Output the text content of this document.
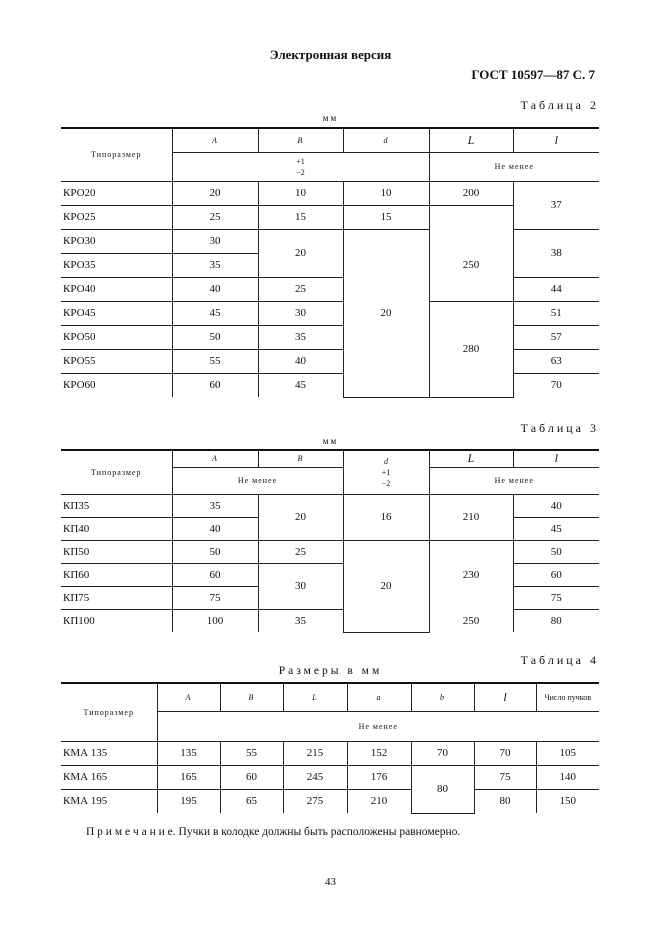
Электронная версия
ГОСТ 10597—87 С. 7
Таблица 2
мм
Типоразмер	A	B	d	L	l

	+1
−2			Не менее	
КРО20	20	10	10	200	37
КРО25	25	15	15		
КРО30	30	20	20	250	38
КРО35	35				
КРО40	40	25			44
КРО45	45	30		280	51
КРО50	50	35			57
КРО55	55	40			63
КРО60	60	45			70
Таблица 3
мм
Типоразмер	A	B	d
+1
−2	L	l
	Не менее			Не менее	
КП35	35	20	16	210	40
КП40	40				45
КП50	50	25	20	230	50
КП60	60	30			60
КП75	75				75
КП100	100	35		250	80
Таблица 4
Размеры в мм
Типоразмер	A	B	L	a	b	l	Число пучков
	Не менее						
КМА 135	135	55	215	152	70	70	105
КМА 165	165	60	245	176	80	75	140
КМА 195	195	65	275	210		80	150
П р и м е ч а н и е. Пучки в колодке должны быть расположены равномерно.
43
